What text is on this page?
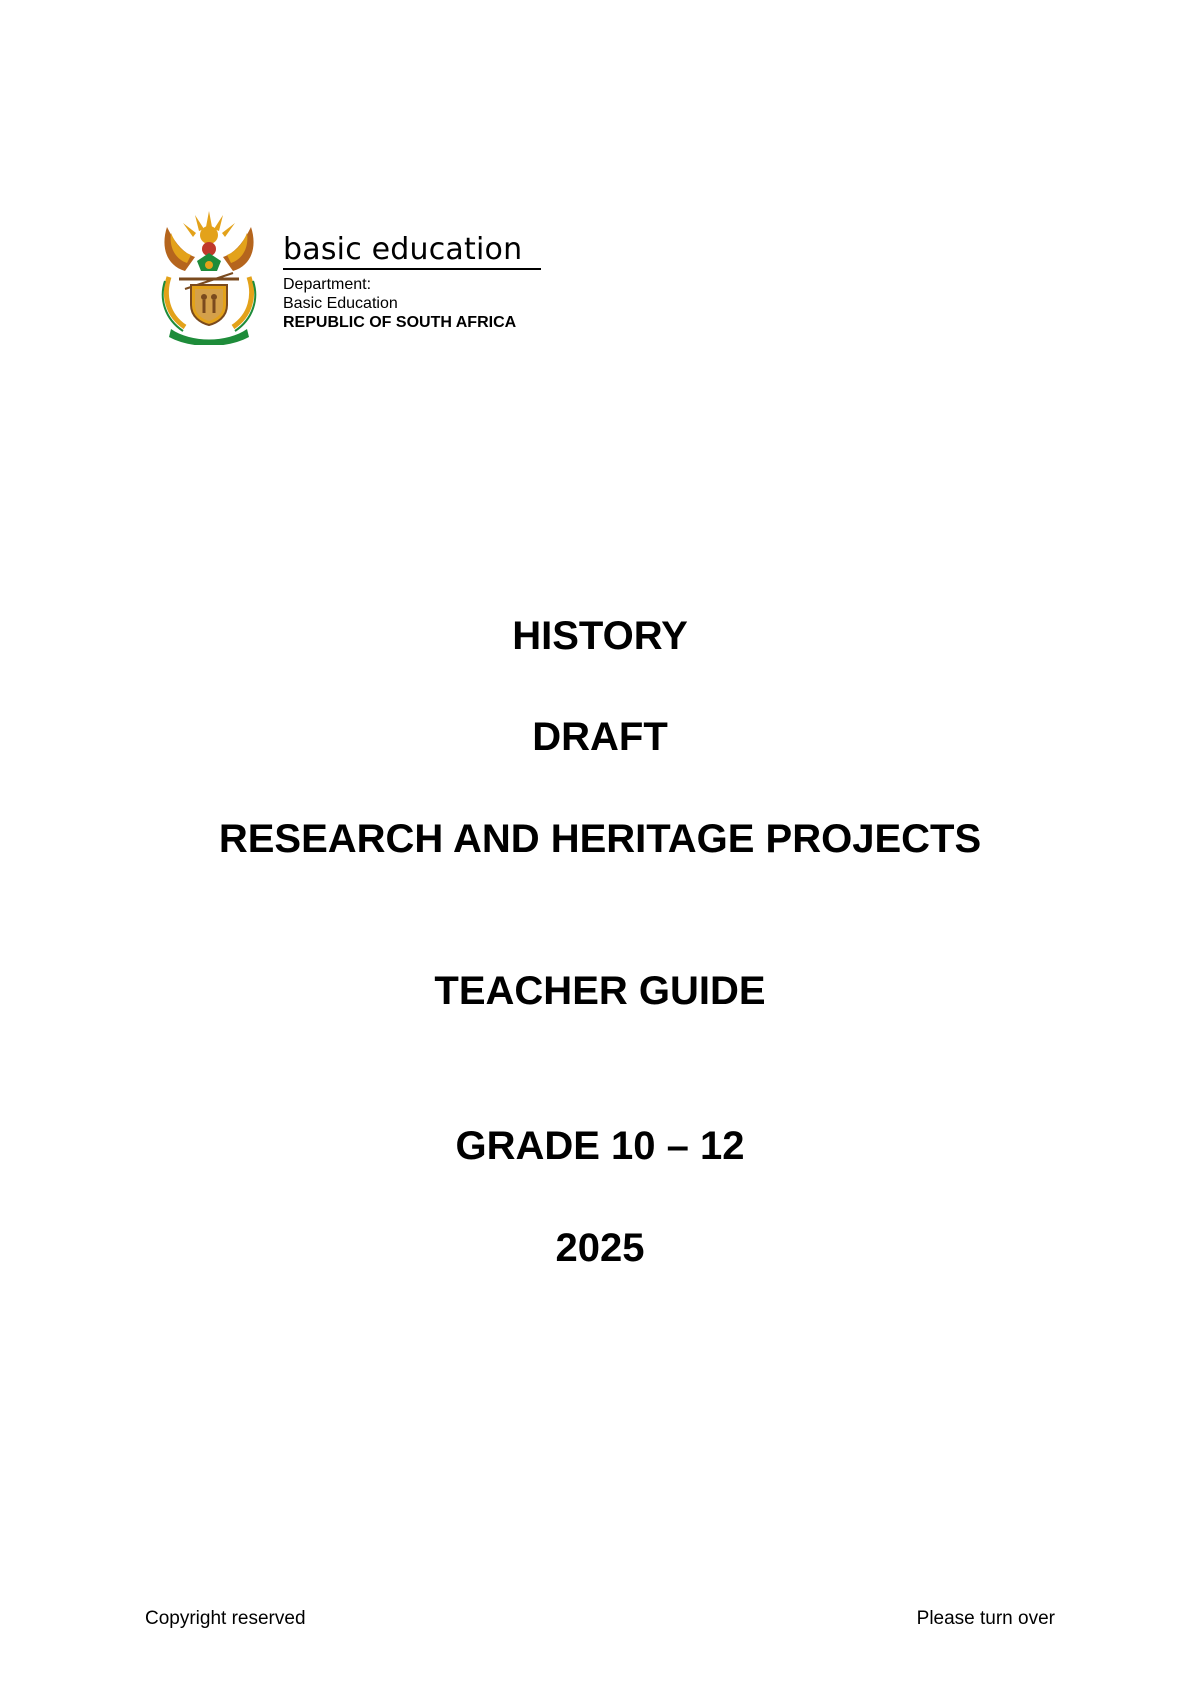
basic education
Department:
Basic Education
REPUBLIC OF SOUTH AFRICA
HISTORY
DRAFT
RESEARCH AND HERITAGE PROJECTS
TEACHER GUIDE
GRADE 10 – 12
2025
Copyright reserved	Please turn over
